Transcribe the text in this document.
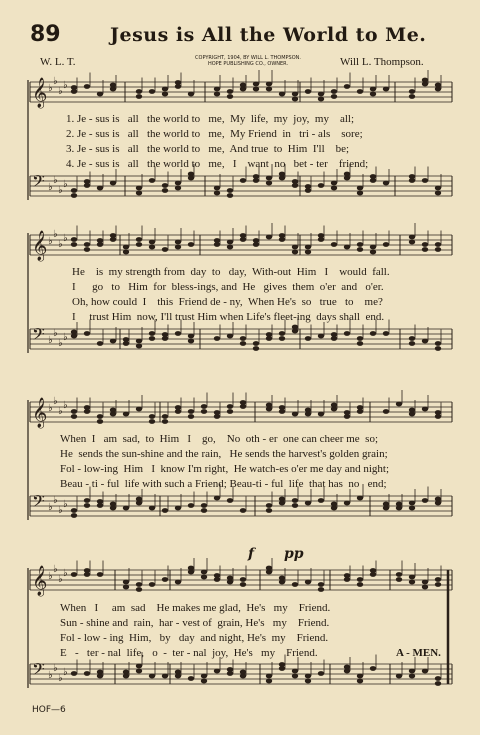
89	Jesus is All the World to Me.
W. L. T.	COPYRIGHT, 1904, BY WILL L. THOMPSON.
HOPE PUBLISHING CO., OWNER.	Will L. Thompson.
𝄞 ♭
♭
♭
♭
𝄢 ♭
♭
♭
♭
1. Je - sus is   all   the world to   me,  My  life,  my  joy,  my    all;
2. Je - sus is   all   the world to   me,  My Friend  in   tri - als    sore;
3. Je - sus is   all   the world to   me,  And true  to  Him  I'll    be;
4. Je - sus is   all   the world to   me,   I    want  no   bet - ter    friend;
𝄞 ♭
♭
♭
♭
𝄢 ♭
♭
♭
♭
He    is  my strength from  day  to   day,  With-out  Him   I    would  fall.
I      go   to   Him  for  bless-ings, and  He   gives  them  o'er  and   o'er.
Oh, how could  I    this  Friend de - ny,  When He's  so   true   to    me?
I     trust Him  now, I'll trust Him when Life's fleet-ing  days shall  end.
𝄞 ♭
♭
♭
♭
𝄢 ♭
♭
♭
♭
When  I   am  sad,  to  Him   I    go,    No  oth - er  one can cheer me  so;
He  sends the sun-shine and the rain,   He sends the harvest's golden grain;
Fol - low-ing  Him   I  know I'm right,  He watch-es o'er me day and night;
Beau - ti - ful  life with such a Friend; Beau-ti - ful  life  that has  no   end;
𝄞 ♭
♭
♭
♭
𝄢 ♭
♭
♭
♭
f pp
When   I     am  sad    He makes me glad,  He's   my    Friend.
Sun - shine and  rain,  har - vest of  grain, He's   my    Friend.
Fol - low - ing  Him,   by   day  and night, He's  my    Friend.
E   -   ter - nal  life,   o  -  ter - nal  joy,  He's   my    Friend.	A - MEN.
HOF—6
